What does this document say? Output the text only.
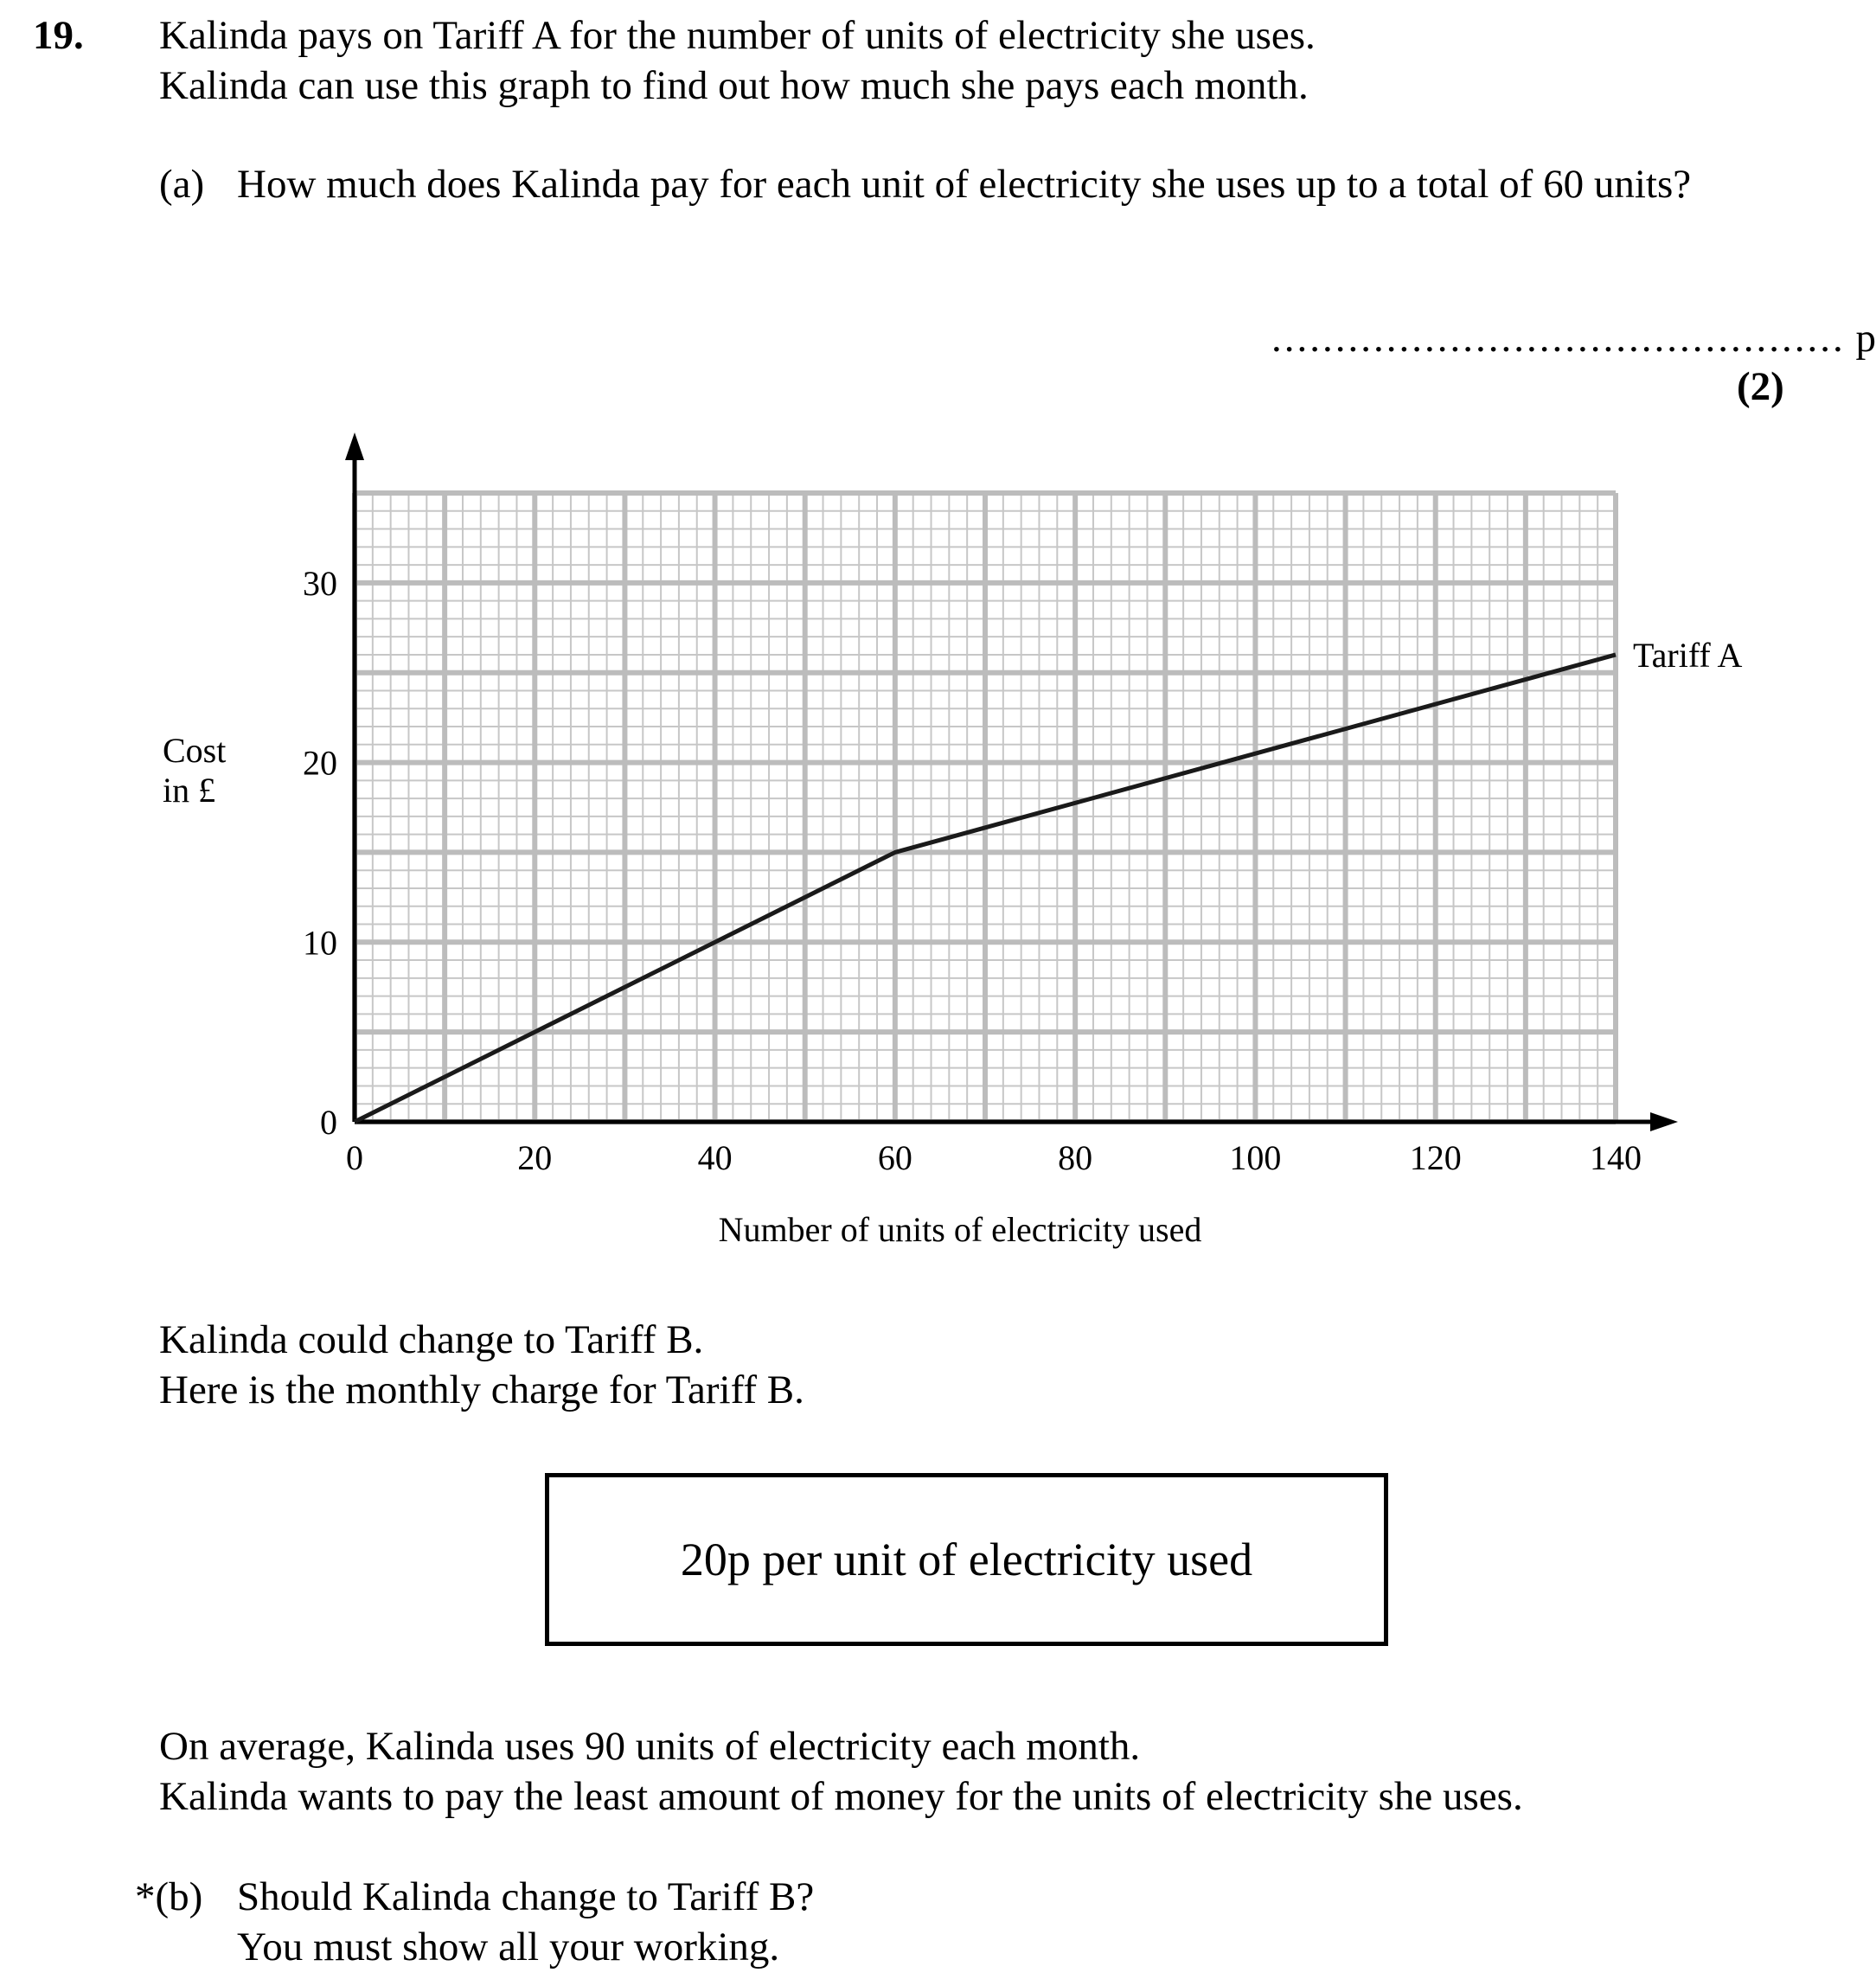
19. Kalinda pays on Tariff A for the number of units of electricity she uses.
Kalinda can use this graph to find out how much she pays each month.
(a) How much does Kalinda pay for each unit of electricity she uses up to a total of 60 units?
............................................. p
(2)
0	20	40	60	80	100	120	140
0
10
20
30
Tariff A
Cost
in £
Number of units of electricity used
Kalinda could change to Tariff B.
Here is the monthly charge for Tariff B.
20p per unit of electricity used
On average, Kalinda uses 90 units of electricity each month.
Kalinda wants to pay the least amount of money for the units of electricity she uses.
*(b) Should Kalinda change to Tariff B?
You must show all your working.
